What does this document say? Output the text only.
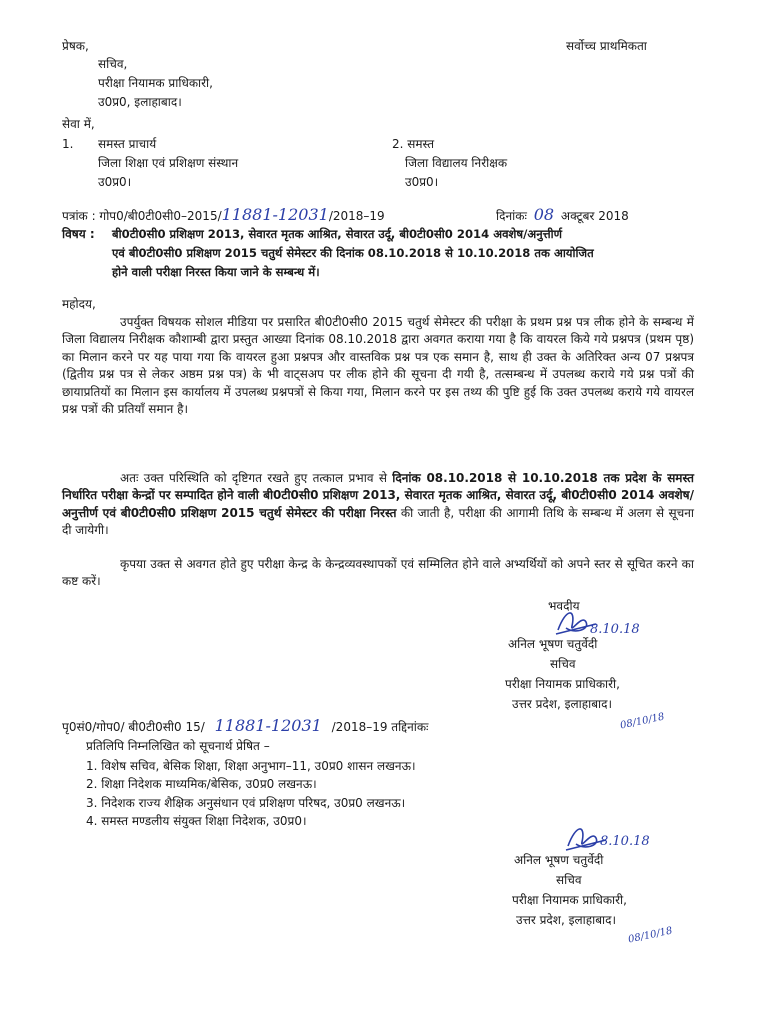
प्रेषक,	सर्वोच्च प्राथमिकता
सचिव,
परीक्षा नियामक प्राधिकारी,
उ0प्र0, इलाहाबाद।
सेवा में,
1. समस्त प्राचार्य
जिला शिक्षा एवं प्रशिक्षण संस्थान
उ0प्र0।
2. समस्त
जिला विद्यालय निरीक्षक
उ0प्र0।
पत्रांक : गोप0/बी0टी0सी0–2015/11881-12031/2018–19	दिनांकः 08 अक्टूबर 2018
विषय : बी0टी0सी0 प्रशिक्षण 2013, सेवारत मृतक आश्रित, सेवारत उर्दू, बी0टी0सी0 2014 अवशेष/अनुत्तीर्ण
एवं बी0टी0सी0 प्रशिक्षण 2015 चतुर्थ सेमेस्टर की दिनांक 08.10.2018 से 10.10.2018 तक आयोजित
होने वाली परीक्षा निरस्त किया जाने के सम्बन्ध में।
महोदय,
उपर्युक्त विषयक सोशल मीडिया पर प्रसारित बी0टी0सी0 2015 चतुर्थ सेमेस्टर की परीक्षा के प्रथम प्रश्न पत्र लीक होने के सम्बन्ध में जिला विद्यालय निरीक्षक कौशाम्बी द्वारा प्रस्तुत आख्या दिनांक 08.10.2018 द्वारा अवगत कराया गया है कि वायरल किये गये प्रश्नपत्र (प्रथम पृष्ठ) का मिलान करने पर यह पाया गया कि वायरल हुआ प्रश्नपत्र और वास्तविक प्रश्न पत्र एक समान है, साथ ही उक्त के अतिरिक्त अन्य 07 प्रश्नपत्र (द्वितीय प्रश्न पत्र से लेकर अष्ठम प्रश्न पत्र) के भी वाट्सअप पर लीक होने की सूचना दी गयी है, तत्सम्बन्ध में उपलब्ध कराये गये प्रश्न पत्रों की छायाप्रतियों का मिलान इस कार्यालय में उपलब्ध प्रश्नपत्रों से किया गया, मिलान करने पर इस तथ्य की पुष्टि हुई कि उक्त उपलब्ध कराये गये वायरल प्रश्न पत्रों की प्रतियाँ समान है।
अतः उक्त परिस्थिति को दृष्टिगत रखते हुए तत्काल प्रभाव से दिनांक 08.10.2018 से 10.10.2018 तक प्रदेश के समस्त निर्धारित परीक्षा केन्द्रों पर सम्पादित होने वाली बी0टी0सी0 प्रशिक्षण 2013, सेवारत मृतक आश्रित, सेवारत उर्दू, बी0टी0सी0 2014 अवशेष/अनुत्तीर्ण एवं बी0टी0सी0 प्रशिक्षण 2015 चतुर्थ सेमेस्टर की परीक्षा निरस्त की जाती है, परीक्षा की आगामी तिथि के सम्बन्ध में अलग से सूचना दी जायेगी।
कृपया उक्त से अवगत होते हुए परीक्षा केन्द्र के केन्द्रव्यवस्थापकों एवं सम्मिलित होने वाले अभ्यर्थियों को अपने स्तर से सूचित करने का कष्ट करें।
भवदीय
8.10.18
अनिल भूषण चतुर्वेदी
सचिव
परीक्षा नियामक प्राधिकारी,
उत्तर प्रदेश, इलाहाबाद।
08/10/18
पृ0सं0/गोप0/ बी0टी0सी0 15/ 11881-12031 /2018–19 तद्दिनांकः
प्रतिलिपि निम्नलिखित को सूचनार्थ प्रेषित –
1. विशेष सचिव, बेसिक शिक्षा, शिक्षा अनुभाग–11, उ0प्र0 शासन लखनऊ।
2. शिक्षा निदेशक माध्यमिक/बेसिक, उ0प्र0 लखनऊ।
3. निदेशक राज्य शैक्षिक अनुसंधान एवं प्रशिक्षण परिषद, उ0प्र0 लखनऊ।
4. समस्त मण्डलीय संयुक्त शिक्षा निदेशक, उ0प्र0।
8.10.18
अनिल भूषण चतुर्वेदी
सचिव
परीक्षा नियामक प्राधिकारी,
उत्तर प्रदेश, इलाहाबाद।
08/10/18
